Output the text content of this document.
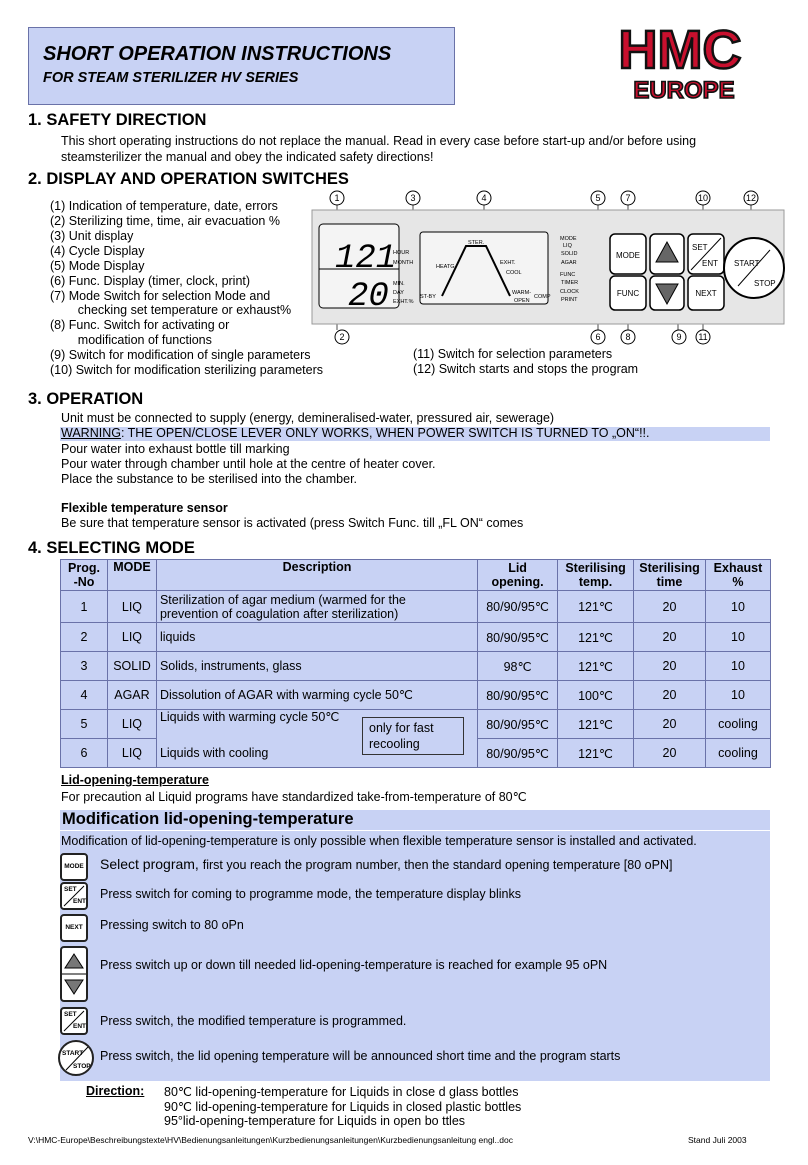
SHORT OPERATION INSTRUCTIONS
FOR STEAM STERILIZER HV SERIES	HMC
EUROPE
1. SAFETY DIRECTION
This short operating instructions do not replace the manual. Read in every case before start-up and/or before using
steamsterilizer the manual and obey the indicated safety directions!
2. DISPLAY AND OPERATION SWITCHES
(1) Indication of temperature, date, errors
(2) Sterilizing time, time, air evacuation %
(3) Unit display
(4) Cycle Display
(5) Mode Display
(6) Func. Display (timer, clock, print)
(7) Mode Switch for selection Mode and
checking set temperature or exhaust%
(8) Func. Switch for activating or
modification of functions
(9) Switch for modification of single parameters
(10) Switch for modification sterilizing parameters
(11) Switch for selection parameters
(12) Switch starts and stops the program
1	3	4	5	7	10	12
121
20
HOUR
MONTH
MIN.
DAY
EXHT.%
STER.
HEATG.
EXHT.
COOL
ST-BY
WARM-
OPEN
COMP
MODE
LIQ
SOLID
AGAR
FUNC
TIMER
CLOCK
PRINT
MODE
FUNC
SET
ENT
NEXT
START
STOP
2	6	8	9 11
3. OPERATION
Unit must be connected to supply (energy, demineralised-water, pressured air, sewerage)
WARNING: THE OPEN/CLOSE LEVER ONLY WORKS, WHEN POWER SWITCH IS TURNED TO „ON“!!.
Pour water into exhaust bottle till marking
Pour water through chamber until hole at the centre of heater cover.
Place the substance to be sterilised into the chamber.
Flexible temperature sensor
Be sure that temperature sensor is activated (press Switch Func. till „FL ON“ comes
4. SELECTING MODE
Prog.
-No	MODE	Description	Lid
opening.	Sterilising
temp.	Sterilising
time	Exhaust
%
1	LIQ	Sterilization of agar medium (warmed for the
prevention of coagulation after sterilization)	80/90/95℃	121℃	20	10
2	LIQ	liquids	80/90/95℃	121℃	20	10
3	SOLID	Solids, instruments, glass	98℃	121℃	20	10
4	AGAR	Dissolution of AGAR with warming cycle 50℃	80/90/95℃	100℃	20	10
5	LIQ	Liquids with warming cycle 50℃	80/90/95℃	121℃	20	cooling
6	LIQ	Liquids with cooling	80/90/95℃	121℃	20	cooling
only for fast
recooling
Lid-opening-temperature
For precaution al Liquid programs have standardized take-from-temperature of 80℃
Modification lid-opening-temperature
Modification of lid-opening-temperature is only possible when flexible temperature sensor is installed and activated.
MODE Select program, first you reach the program number, then the standard opening temperature [80 oPN]
SET
ENT
Press switch for coming to programme mode, the temperature display blinks
NEXT Pressing switch to 80 oPn
Press switch up or down till needed lid-opening-temperature is reached for example 95 oPN
SET
ENT Press switch, the modified temperature is programmed.
START
STOP
Press switch, the lid opening temperature will be announced short time and the program starts
Direction: 80℃ lid-opening-temperature for Liquids in close d glass bottles
90℃ lid-opening-temperature for Liquids in closed plastic bottles
95°lid-opening-temperature for Liquids in open bo ttles
V:\HMC-Europe\Beschreibungstexte\HV\Bedienungsanleitungen\Kurzbedienungsanleitungen\Kurzbedienungsanleitung engl..doc	Stand Juli 2003
